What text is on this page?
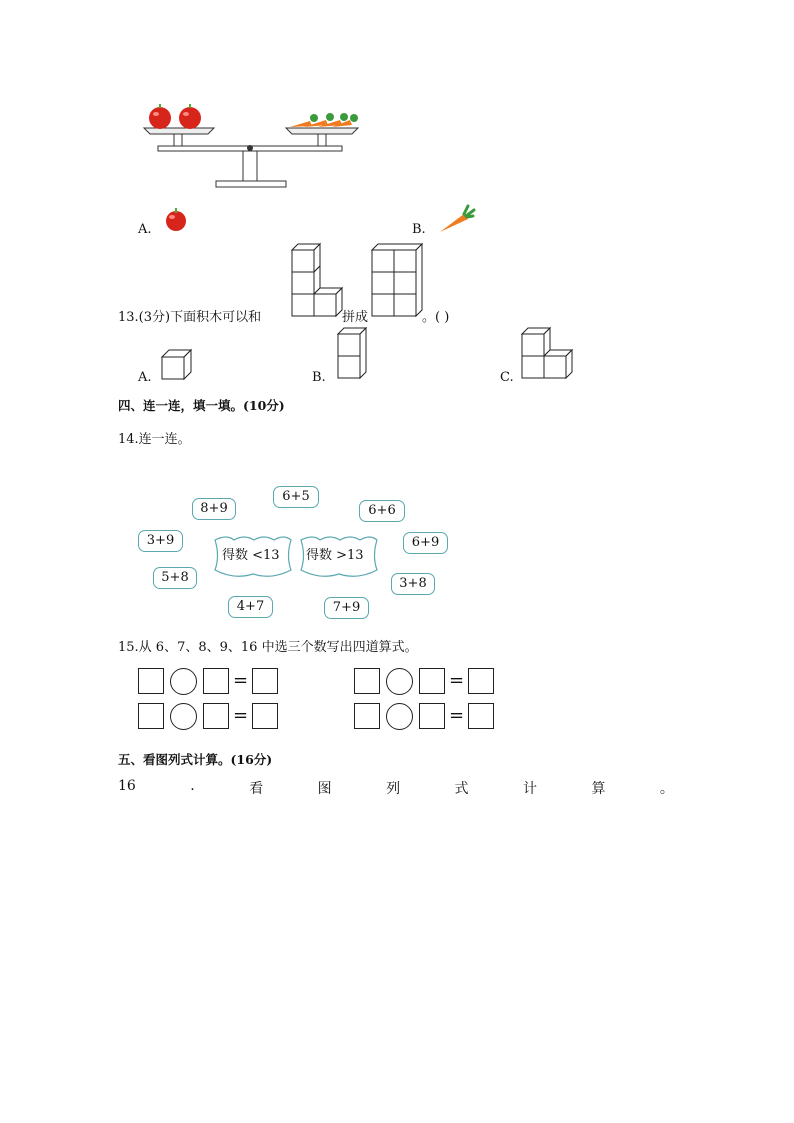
A.	B.
13.(3分)下面积木可以和	拼成	。( )
A.	B.	C.
四、连一连，填一填。(10分)
14.连一连。
8+9
6+5
6+6
3+9	6+9
5+8	3+8
4+7	7+9
得数 <13 得数 >13
15.从 6、7、8、9、16 中选三个数写出四道算式。
=	=
=	=
五、看图列式计算。(16分)
16	.	看	图	列	式	计	算	。
